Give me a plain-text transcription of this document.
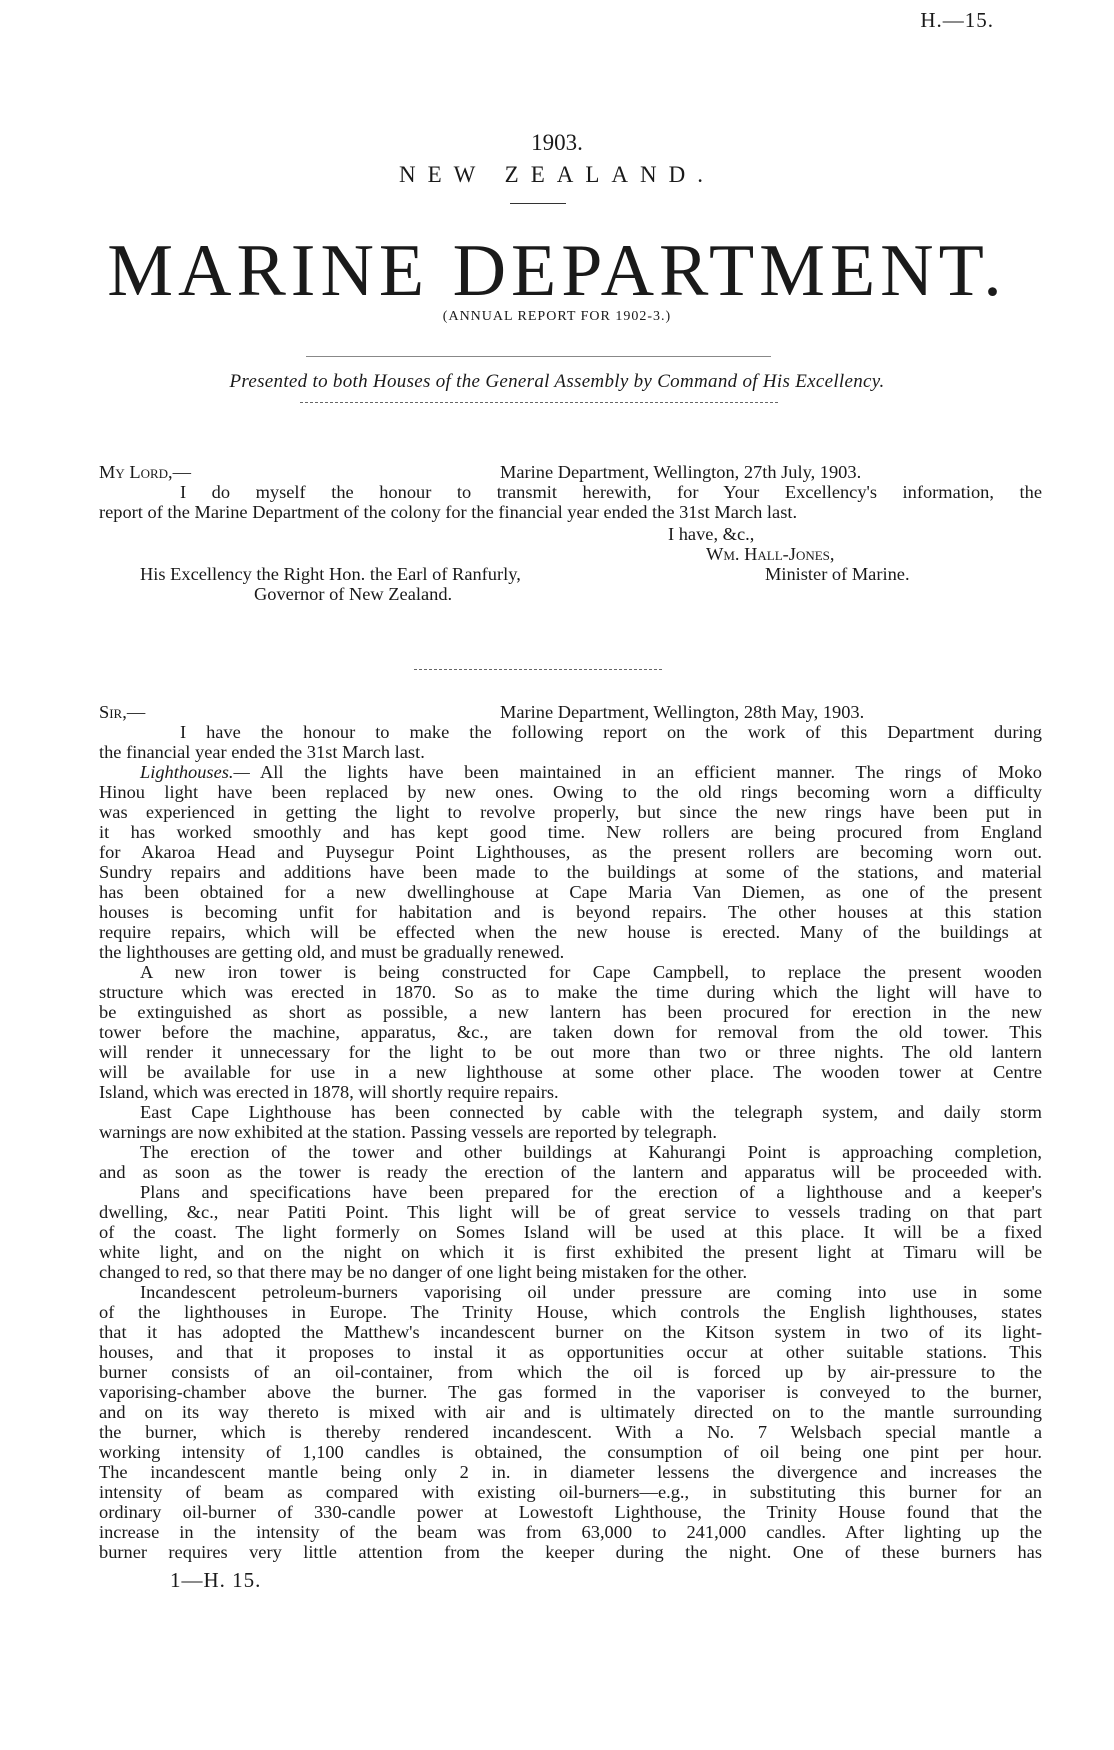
H.—15.
1903.
NEW ZEALAND.
MARINE DEPARTMENT.
(ANNUAL REPORT FOR 1902-3.)
Presented to both Houses of the General Assembly by Command of His Excellency.
My Lord,—	Marine Department, Wellington, 27th July, 1903.
I do myself the honour to transmit herewith, for Your Excellency's information, the
report of the Marine Department of the colony for the financial year ended the 31st March last.
I have, &c.,
Wm. Hall-Jones,
His Excellency the Right Hon. the Earl of Ranfurly,	Minister of Marine.
Governor of New Zealand.
Sir,—	Marine Department, Wellington, 28th May, 1903.
I have the honour to make the following report on the work of this Department during
the financial year ended the 31st March last.
Lighthouses.— All the lights have been maintained in an efficient manner. The rings of Moko
Hinou light have been replaced by new ones. Owing to the old rings becoming worn a difficulty
was experienced in getting the light to revolve properly, but since the new rings have been put in
it has worked smoothly and has kept good time. New rollers are being procured from England
for Akaroa Head and Puysegur Point Lighthouses, as the present rollers are becoming worn out.
Sundry repairs and additions have been made to the buildings at some of the stations, and material
has been obtained for a new dwellinghouse at Cape Maria Van Diemen, as one of the present
houses is becoming unfit for habitation and is beyond repairs. The other houses at this station
require repairs, which will be effected when the new house is erected. Many of the buildings at
the lighthouses are getting old, and must be gradually renewed.
A new iron tower is being constructed for Cape Campbell, to replace the present wooden
structure which was erected in 1870. So as to make the time during which the light will have to
be extinguished as short as possible, a new lantern has been procured for erection in the new
tower before the machine, apparatus, &c., are taken down for removal from the old tower. This
will render it unnecessary for the light to be out more than two or three nights. The old lantern
will be available for use in a new lighthouse at some other place. The wooden tower at Centre
Island, which was erected in 1878, will shortly require repairs.
East Cape Lighthouse has been connected by cable with the telegraph system, and daily storm
warnings are now exhibited at the station. Passing vessels are reported by telegraph.
The erection of the tower and other buildings at Kahurangi Point is approaching completion,
and as soon as the tower is ready the erection of the lantern and apparatus will be proceeded with.
Plans and specifications have been prepared for the erection of a lighthouse and a keeper's
dwelling, &c., near Patiti Point. This light will be of great service to vessels trading on that part
of the coast. The light formerly on Somes Island will be used at this place. It will be a fixed
white light, and on the night on which it is first exhibited the present light at Timaru will be
changed to red, so that there may be no danger of one light being mistaken for the other.
Incandescent petroleum-burners vaporising oil under pressure are coming into use in some
of the lighthouses in Europe. The Trinity House, which controls the English lighthouses, states
that it has adopted the Matthew's incandescent burner on the Kitson system in two of its light-
houses, and that it proposes to instal it as opportunities occur at other suitable stations. This
burner consists of an oil-container, from which the oil is forced up by air-pressure to the
vaporising-chamber above the burner. The gas formed in the vaporiser is conveyed to the burner,
and on its way thereto is mixed with air and is ultimately directed on to the mantle surrounding
the burner, which is thereby rendered incandescent. With a No. 7 Welsbach special mantle a
working intensity of 1,100 candles is obtained, the consumption of oil being one pint per hour.
The incandescent mantle being only 2 in. in diameter lessens the divergence and increases the
intensity of beam as compared with existing oil-burners—e.g., in substituting this burner for an
ordinary oil-burner of 330-candle power at Lowestoft Lighthouse, the Trinity House found that the
increase in the intensity of the beam was from 63,000 to 241,000 candles. After lighting up the
burner requires very little attention from the keeper during the night. One of these burners has
1—H. 15.
